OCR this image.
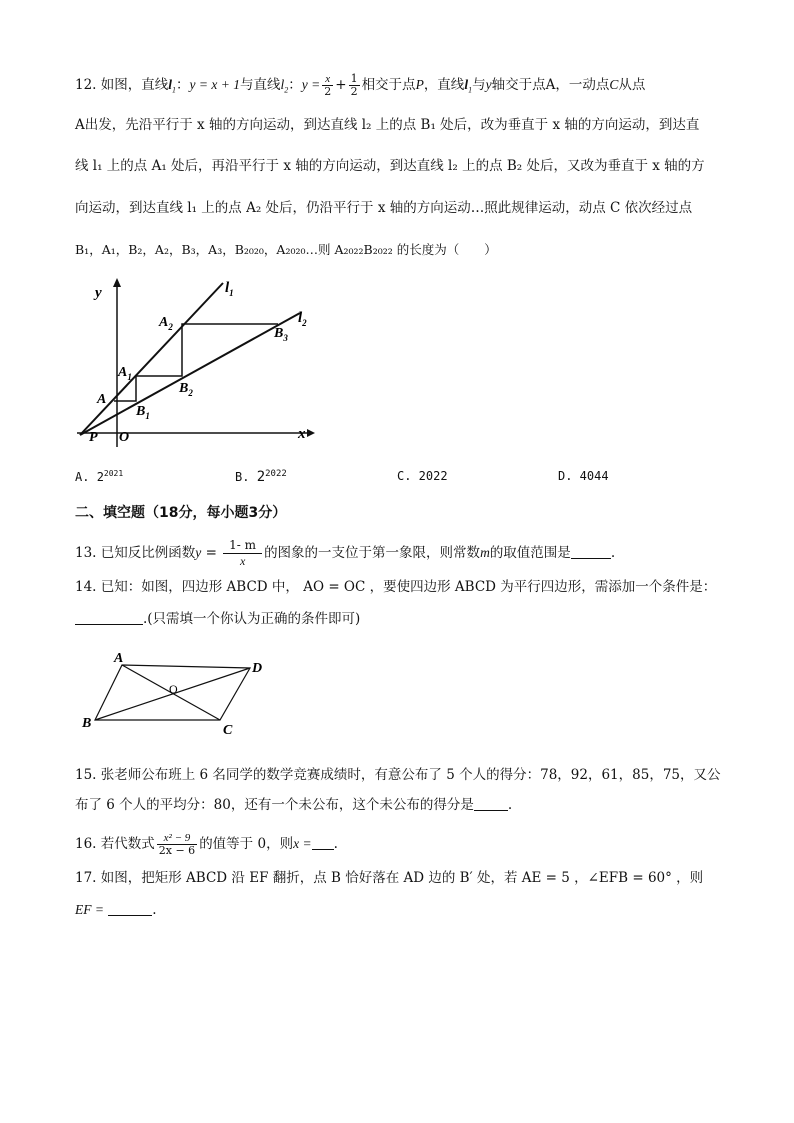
12. 如图，直线$l_1$：y = x + 1与直线$l_2$：$y = \frac{x}{2} + \frac{1}{2}$ 相交于点P，直线$l_1$与y轴交于点A，一动点C从点
A出发，先沿平行于 x 轴的方向运动，到达直线 l₂ 上的点 B₁ 处后，改为垂直于 x 轴的方向运动，到达直
线 l₁ 上的点 A₁ 处后，再沿平行于 x 轴的方向运动，到达直线 l₂ 上的点 B₂ 处后，又改为垂直于 x 轴的方
向运动，到达直线 l₁ 上的点 A₂ 处后，仍沿平行于 x 轴的方向运动…照此规律运动，动点 C 依次经过点
B₁，A₁，B₂，A₂，B₃，A₃，B₂₀₂₀，A₂₀₂₀…则 A₂₀₂₂B₂₀₂₂ 的长度为（　　）
y
x
$l_1$
$l_2$
A
$A_1$
$A_2$
$B_1$
$B_2$
$B_3$
P O
A. $2^{2021}$	B. $2^{2022}$	C. 2022	D. 4044
二、填空题（18分，每小题3分）
13. 已知反比例函数$y = \frac{1- m}{x}$ 的图象的一支位于第一象限，则常数m的取值范围是	.
14. 已知：如图，四边形 ABCD 中， AO = OC ，要使四边形 ABCD 为平行四边形，需添加一个条件是：
.(只需填一个你认为正确的条件即可)
A
B	C
D
O
15. 张老师公布班上 6 名同学的数学竞赛成绩时，有意公布了 5 个人的得分：78，92，61，85，75，又公
布了 6 个人的平均分：80，还有一个未公布，这个未公布的得分是	.
16. 若代数式 $\frac{\text{x² − 9}}{2x - 6}$ 的值等于 0，则x = .
17. 如图，把矩形 ABCD 沿 EF 翻折，点 B 恰好落在 AD 边的 B′ 处，若 AE = 5 ，∠EFB = 60° ，则
EF =	.
